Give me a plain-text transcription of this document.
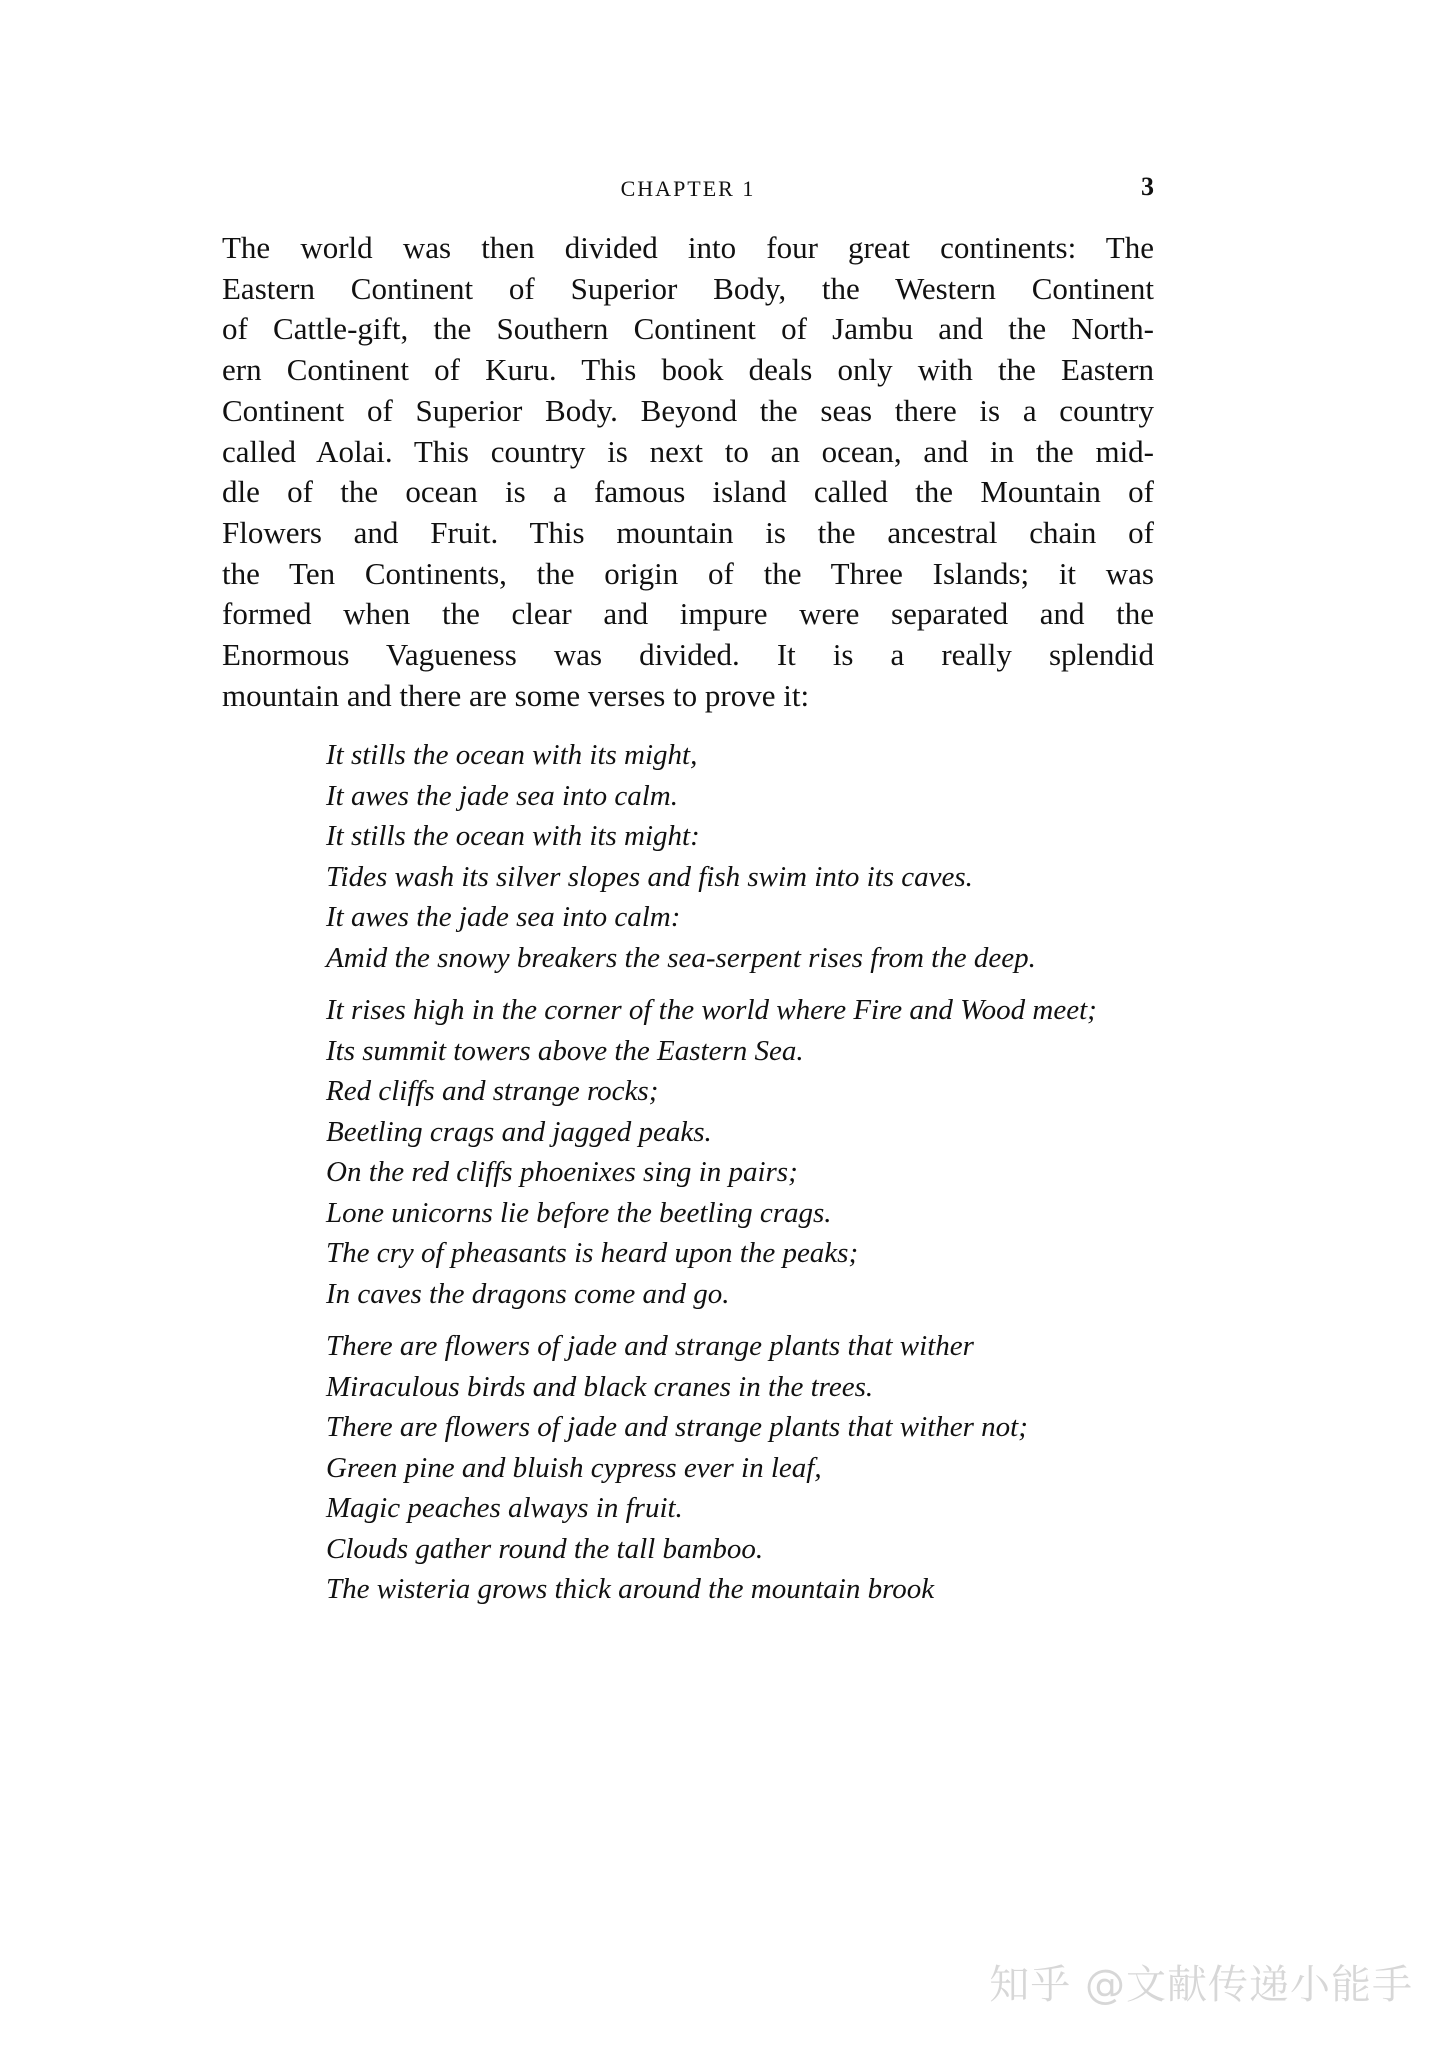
CHAPTER 1	3
The world was then divided into four great continents: The
Eastern Continent of Superior Body, the Western Continent
of Cattle-gift, the Southern Continent of Jambu and the North-
ern Continent of Kuru. This book deals only with the Eastern
Continent of Superior Body. Beyond the seas there is a country
called Aolai. This country is next to an ocean, and in the mid-
dle of the ocean is a famous island called the Mountain of
Flowers and Fruit. This mountain is the ancestral chain of
the Ten Continents, the origin of the Three Islands; it was
formed when the clear and impure were separated and the
Enormous Vagueness was divided. It is a really splendid
mountain and there are some verses to prove it:
It stills the ocean with its might,
It awes the jade sea into calm.
It stills the ocean with its might:
Tides wash its silver slopes and fish swim into its caves.
It awes the jade sea into calm:
Amid the snowy breakers the sea-serpent rises from the deep.
It rises high in the corner of the world where Fire and Wood meet;
Its summit towers above the Eastern Sea.
Red cliffs and strange rocks;
Beetling crags and jagged peaks.
On the red cliffs phoenixes sing in pairs;
Lone unicorns lie before the beetling crags.
The cry of pheasants is heard upon the peaks;
In caves the dragons come and go.
There are flowers of jade and strange plants that wither
Miraculous birds and black cranes in the trees.
There are flowers of jade and strange plants that wither not;
Green pine and bluish cypress ever in leaf,
Magic peaches always in fruit.
Clouds gather round the tall bamboo.
The wisteria grows thick around the mountain brook
知乎 @文献传递小能手
